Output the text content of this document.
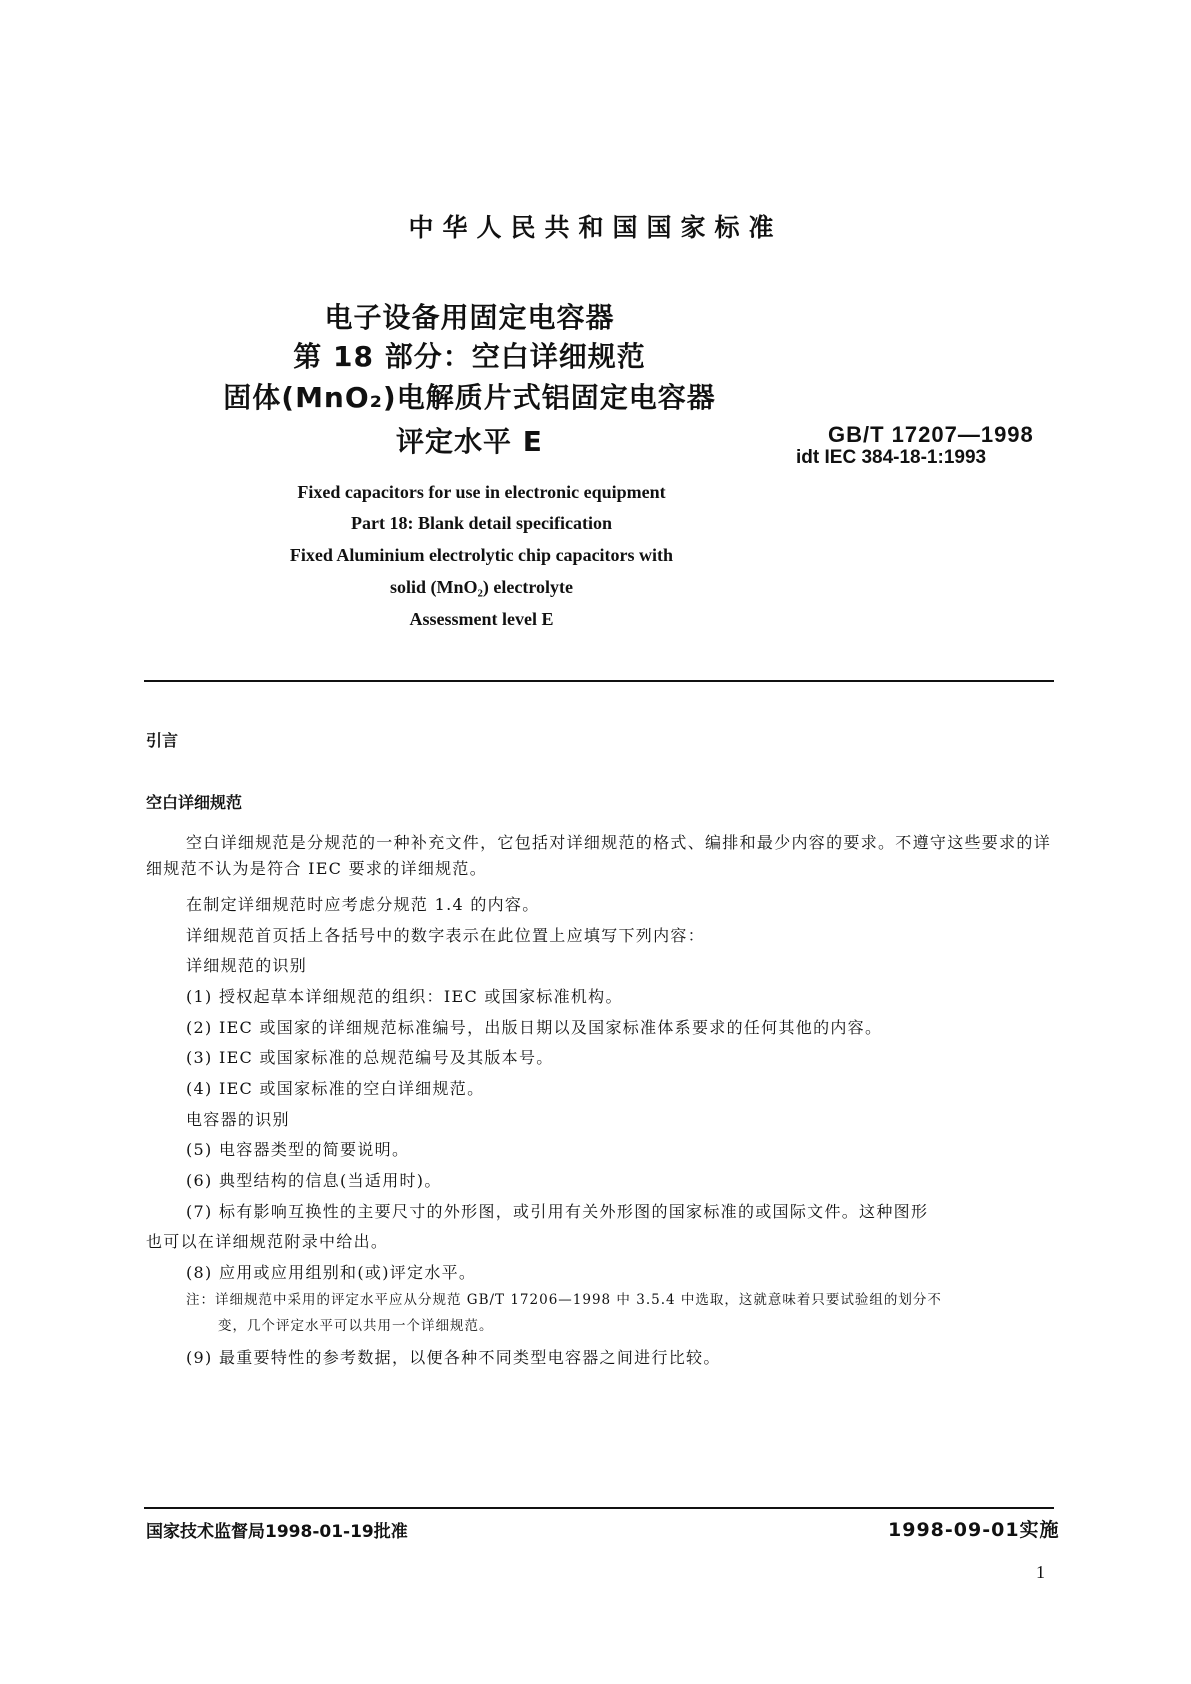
中华人民共和国国家标准
电子设备用固定电容器
第 18 部分：空白详细规范
固体(MnO₂)电解质片式铝固定电容器
评定水平 E	GB/T 17207—1998
idt IEC 384-18-1:1993
Fixed capacitors for use in electronic equipment
Part 18: Blank detail specification
Fixed Aluminium electrolytic chip capacitors with
solid (MnO₂) electrolyte
Assessment level E
引言
空白详细规范
空白详细规范是分规范的一种补充文件，它包括对详细规范的格式、编排和最少内容的要求。不遵守这些要求的详细规范不认为是符合 IEC 要求的详细规范。
在制定详细规范时应考虑分规范 1.4 的内容。
详细规范首页括上各括号中的数字表示在此位置上应填写下列内容：
详细规范的识别
(1) 授权起草本详细规范的组织：IEC 或国家标准机构。
(2) IEC 或国家的详细规范标准编号，出版日期以及国家标准体系要求的任何其他的内容。
(3) IEC 或国家标准的总规范编号及其版本号。
(4) IEC 或国家标准的空白详细规范。
电容器的识别
(5) 电容器类型的简要说明。
(6) 典型结构的信息(当适用时)。
(7) 标有影响互换性的主要尺寸的外形图，或引用有关外形图的国家标准的或国际文件。这种图形
也可以在详细规范附录中给出。
(8) 应用或应用组别和(或)评定水平。
注：详细规范中采用的评定水平应从分规范 GB/T 17206—1998 中 3.5.4 中选取，这就意味着只要试验组的划分不
变，几个评定水平可以共用一个详细规范。
(9) 最重要特性的参考数据，以便各种不同类型电容器之间进行比较。
国家技术监督局1998-01-19批准	1998-09-01实施
1
